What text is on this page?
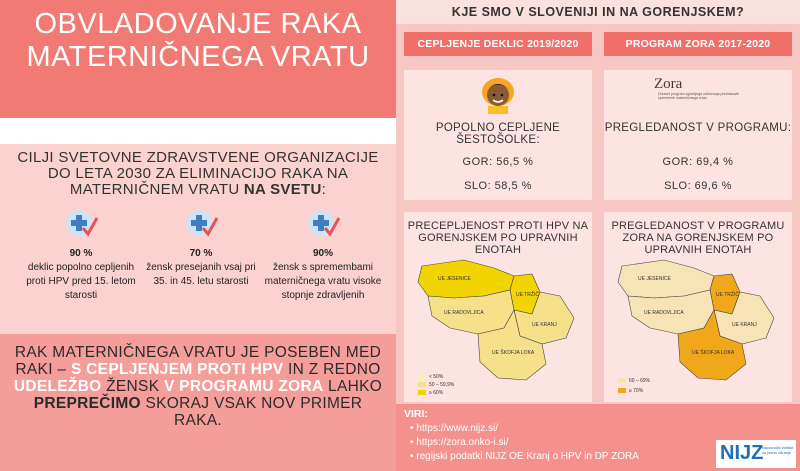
OBVLADOVANJE RAKA MATERNIČNEGA VRATU
CILJI SVETOVNE ZDRAVSTVENE ORGANIZACIJE DO LETA 2030 ZA ELIMINACIJO RAKA NA MATERNIČNEM VRATU NA SVETU:
90 %
deklic popolno cepljenih proti HPV pred 15. letom starosti
70 %
žensk presejanih vsaj pri 35. in 45. letu starosti
90%
žensk s spremembami materničnega vratu visoke stopnje zdravljenih
RAK MATERNIČNEGA VRATU JE POSEBEN MED RAKI – S CEPLJENJEM PROTI HPV IN Z REDNO UDELEŽBO ŽENSK V PROGRAMU ZORA LAHKO PREPREČIMO SKORAJ VSAK NOV PRIMER RAKA.
KJE SMO V SLOVENIJI IN NA GORENJSKEM?
CEPLJENJE DEKLIC 2019/2020	PROGRAM ZORA 2017-2020
POPOLNO CEPLJENE ŠESTOŠOLKE:
GOR: 56,5 %
SLO: 58,5 %
Zora
Državni program zgodnjega odkrivanja predrakavih sprememb materničnega vratu
PREGLEDANOST V PROGRAMU:
GOR: 69,4 %
SLO: 69,6 %
PRECEPLJENOST PROTI HPV NA GORENJSKEM PO UPRAVNIH ENOTAH
UE JESENICE
UE TRŽIČ
UE RADOVLJICA
UE KRANJ
UE ŠKOFJA LOKA
< 50%
50 – 59,9%
≥ 60%
PREGLEDANOST V PROGRAMU ZORA NA GORENJSKEM PO UPRAVNIH ENOTAH
UE JESENICE
UE TRŽIČ
UE RADOVLJICA
UE KRANJ
UE ŠKOFJA LOKA
60 – 69%
≥ 70%
VIRI:
• https://www.nijz.si/
• https://zora.onko-i.si/
• regijski podatki NIJZ OE Kranj o HPV in DP ZORA	NIJZ
Nacionalni inštitut za javno zdravje
